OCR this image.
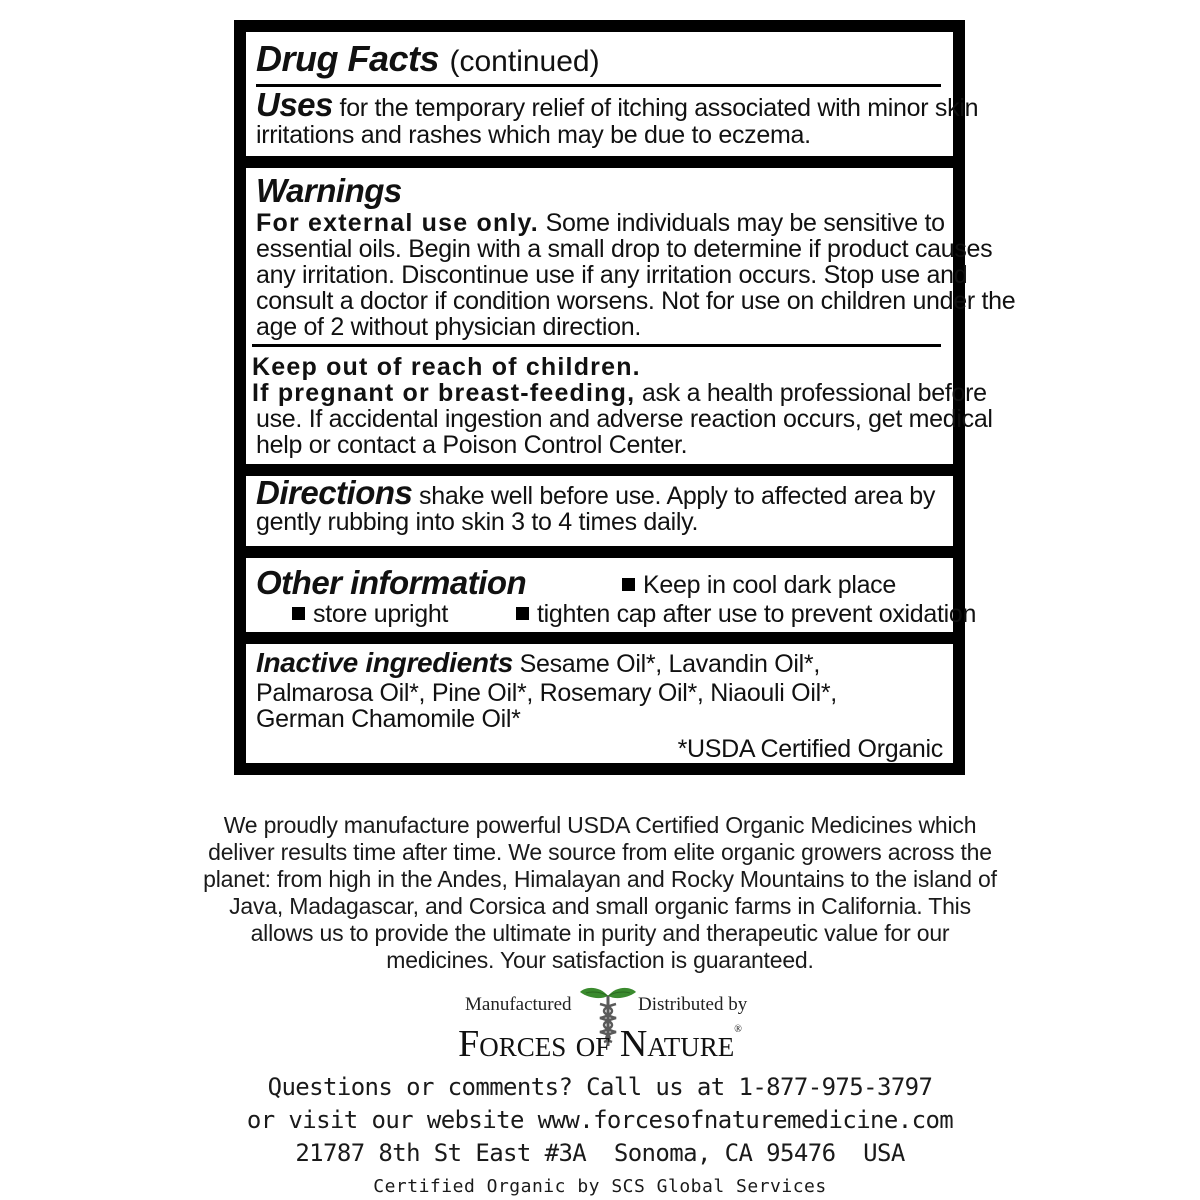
Drug Facts (continued)
Uses for the temporary relief of itching associated with minor skin
irritations and rashes which may be due to eczema.
Warnings
For external use only. Some individuals may be sensitive to
essential oils. Begin with a small drop to determine if product causes
any irritation. Discontinue use if any irritation occurs. Stop use and
consult a doctor if condition worsens. Not for use on children under the
age of 2 without physician direction.
Keep out of reach of children.
If pregnant or breast-feeding, ask a health professional before
use. If accidental ingestion and adverse reaction occurs, get medical
help or contact a Poison Control Center.
Directions shake well before use. Apply to affected area by
gently rubbing into skin 3 to 4 times daily.
Other information	Keep in cool dark place
store upright	tighten cap after use to prevent oxidation
Inactive ingredients Sesame Oil*, Lavandin Oil*,
Palmarosa Oil*, Pine Oil*, Rosemary Oil*, Niaouli Oil*,
German Chamomile Oil*
*USDA Certified Organic
We proudly manufacture powerful USDA Certified Organic Medicines which
deliver results time after time. We source from elite organic growers across the
planet: from high in the Andes, Himalayan and Rocky Mountains to the island of
Java, Madagascar, and Corsica and small organic farms in California. This
allows us to provide the ultimate in purity and therapeutic value for our
medicines. Your satisfaction is guaranteed.
Manufactured	Distributed by
FORCES OF NATURE®
Questions or comments? Call us at 1-877-975-3797
or visit our website www.forcesofnaturemedicine.com
21787 8th St East #3A  Sonoma, CA 95476  USA
Certified Organic by SCS Global Services
